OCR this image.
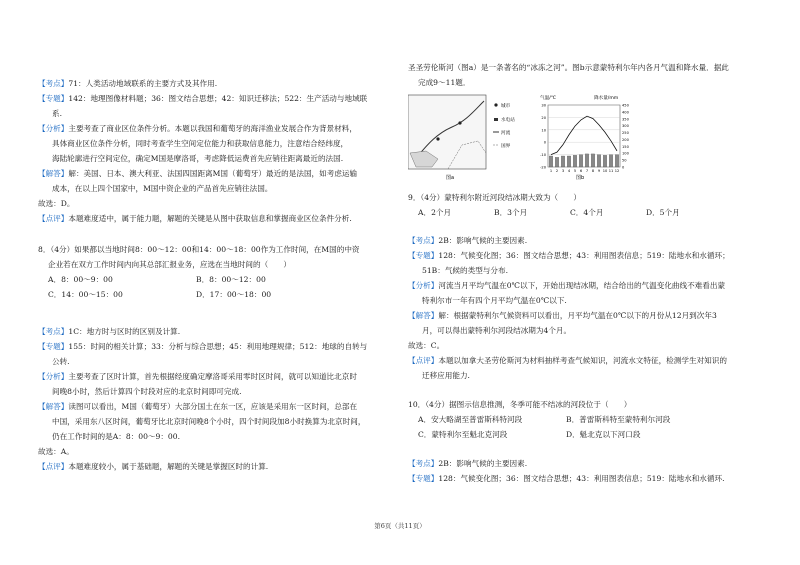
【考点】71：人类活动地域联系的主要方式及其作用.
【专题】142：地理图像材料题；36：图文结合思想；42：知识迁移法；522：生产活动与地域联
系.
【分析】主要考查了商业区位条件分析。本题以我国和葡萄牙的海洋渔业发展合作为背景材料，
具体商业区位条件分析，同时考查学生空间定位能力和获取信息能力，注意结合经纬度，
海陆轮廓进行空间定位，确定M国是摩洛哥，考虑降低运费首先应销往距离最近的法国.
【解答】解：美国、日本、澳大利亚、法国四国距离M国（葡萄牙）最近的是法国，如考虑运输
成本，在以上四个国家中，M国中资企业的产品首先应销往法国。
故选：D。
【点评】本题难度适中，属于能力题，解题的关键是从图中获取信息和掌握商业区位条件分析.
8．（4分）如果都以当地时间8：00～12：00和14：00～18：00作为工作时间，在M国的中资
企业若在双方工作时间内向其总部汇报业务，应选在当地时间的（　　）
A．8：00～9：00	B．8：00～12：00
C．14：00～15：00	D．17：00～18：00
【考点】1C：地方时与区时的区别及计算.
【专题】155：时间的相关计算；33：分析与综合思想；45：利用地理规律；512：地球的自转与
公转.
【分析】主要考查了区时计算，首先根据经度确定摩洛哥采用零时区时间，就可以知道比北京时
间晚8小时，然后计算四个时段对应的北京时间即可完成.
【解答】读图可以看出，M国（葡萄牙）大部分国土在东一区，应该是采用东一区时间，总部在
中国，采用东八区时间，葡萄牙比北京时间晚8个小时，四个时间段加8小时换算为北京时间，
仍在工作时间的是A：8：00～9：00.
故选：A。
【点评】本题难度较小，属于基础题，解题的关键是掌握区时的计算.
圣圣劳伦斯河（图a）是一条著名的“冰冻之河”。图b示意蒙特利尔年内各月气温和降水量．据此
完成9～11题．
9．（4分）蒙特利尔附近河段结冰期大致为（　　）
A．2个月	B．3个月	C．4个月	D．5个月
【考点】2B：影响气候的主要因素.
【专题】128：气候变化图；36：图文结合思想；43：利用图表信息；519：陆地水和水循环；
51B：气候的类型与分布.
【分析】河流当月平均气温在0℃以下，开始出现结冰期，结合给出的气温变化曲线不难看出蒙
特利尔市一年有四个月平均气温在0℃以下.
【解答】解：根据蒙特利尔气候资料可以看出，月平均气温在0℃以下的月份从12月到次年3
月，可以得出蒙特利尔河段结冰期为4个月。
故选：C。
【点评】本题以加拿大圣劳伦斯河为材料抽样考查气候知识，河流水文特征，检测学生对知识的
迁移应用能力.
10．（4分）据图示信息推测，冬季可能不结冰的河段位于（　　）
A．安大略湖至普雷斯科特河段	B．普雷斯科特至蒙特利尔河段
C．蒙特利尔至魁北克河段	D．魁北克以下河口段
【考点】2B：影响气候的主要因素.
【专题】128：气候变化图；36：图文结合思想；43：利用图表信息；519：陆地水和水循环.
图a
城市
水电站
河流
国界
气温/℃	降水量/mm
图b
-20
-10
0
10
20
30
0
50
100
150
200
250
300
350
400
450
1 2 3 4 5 6 7 8 9 10 11 12
第6页（共11页）
